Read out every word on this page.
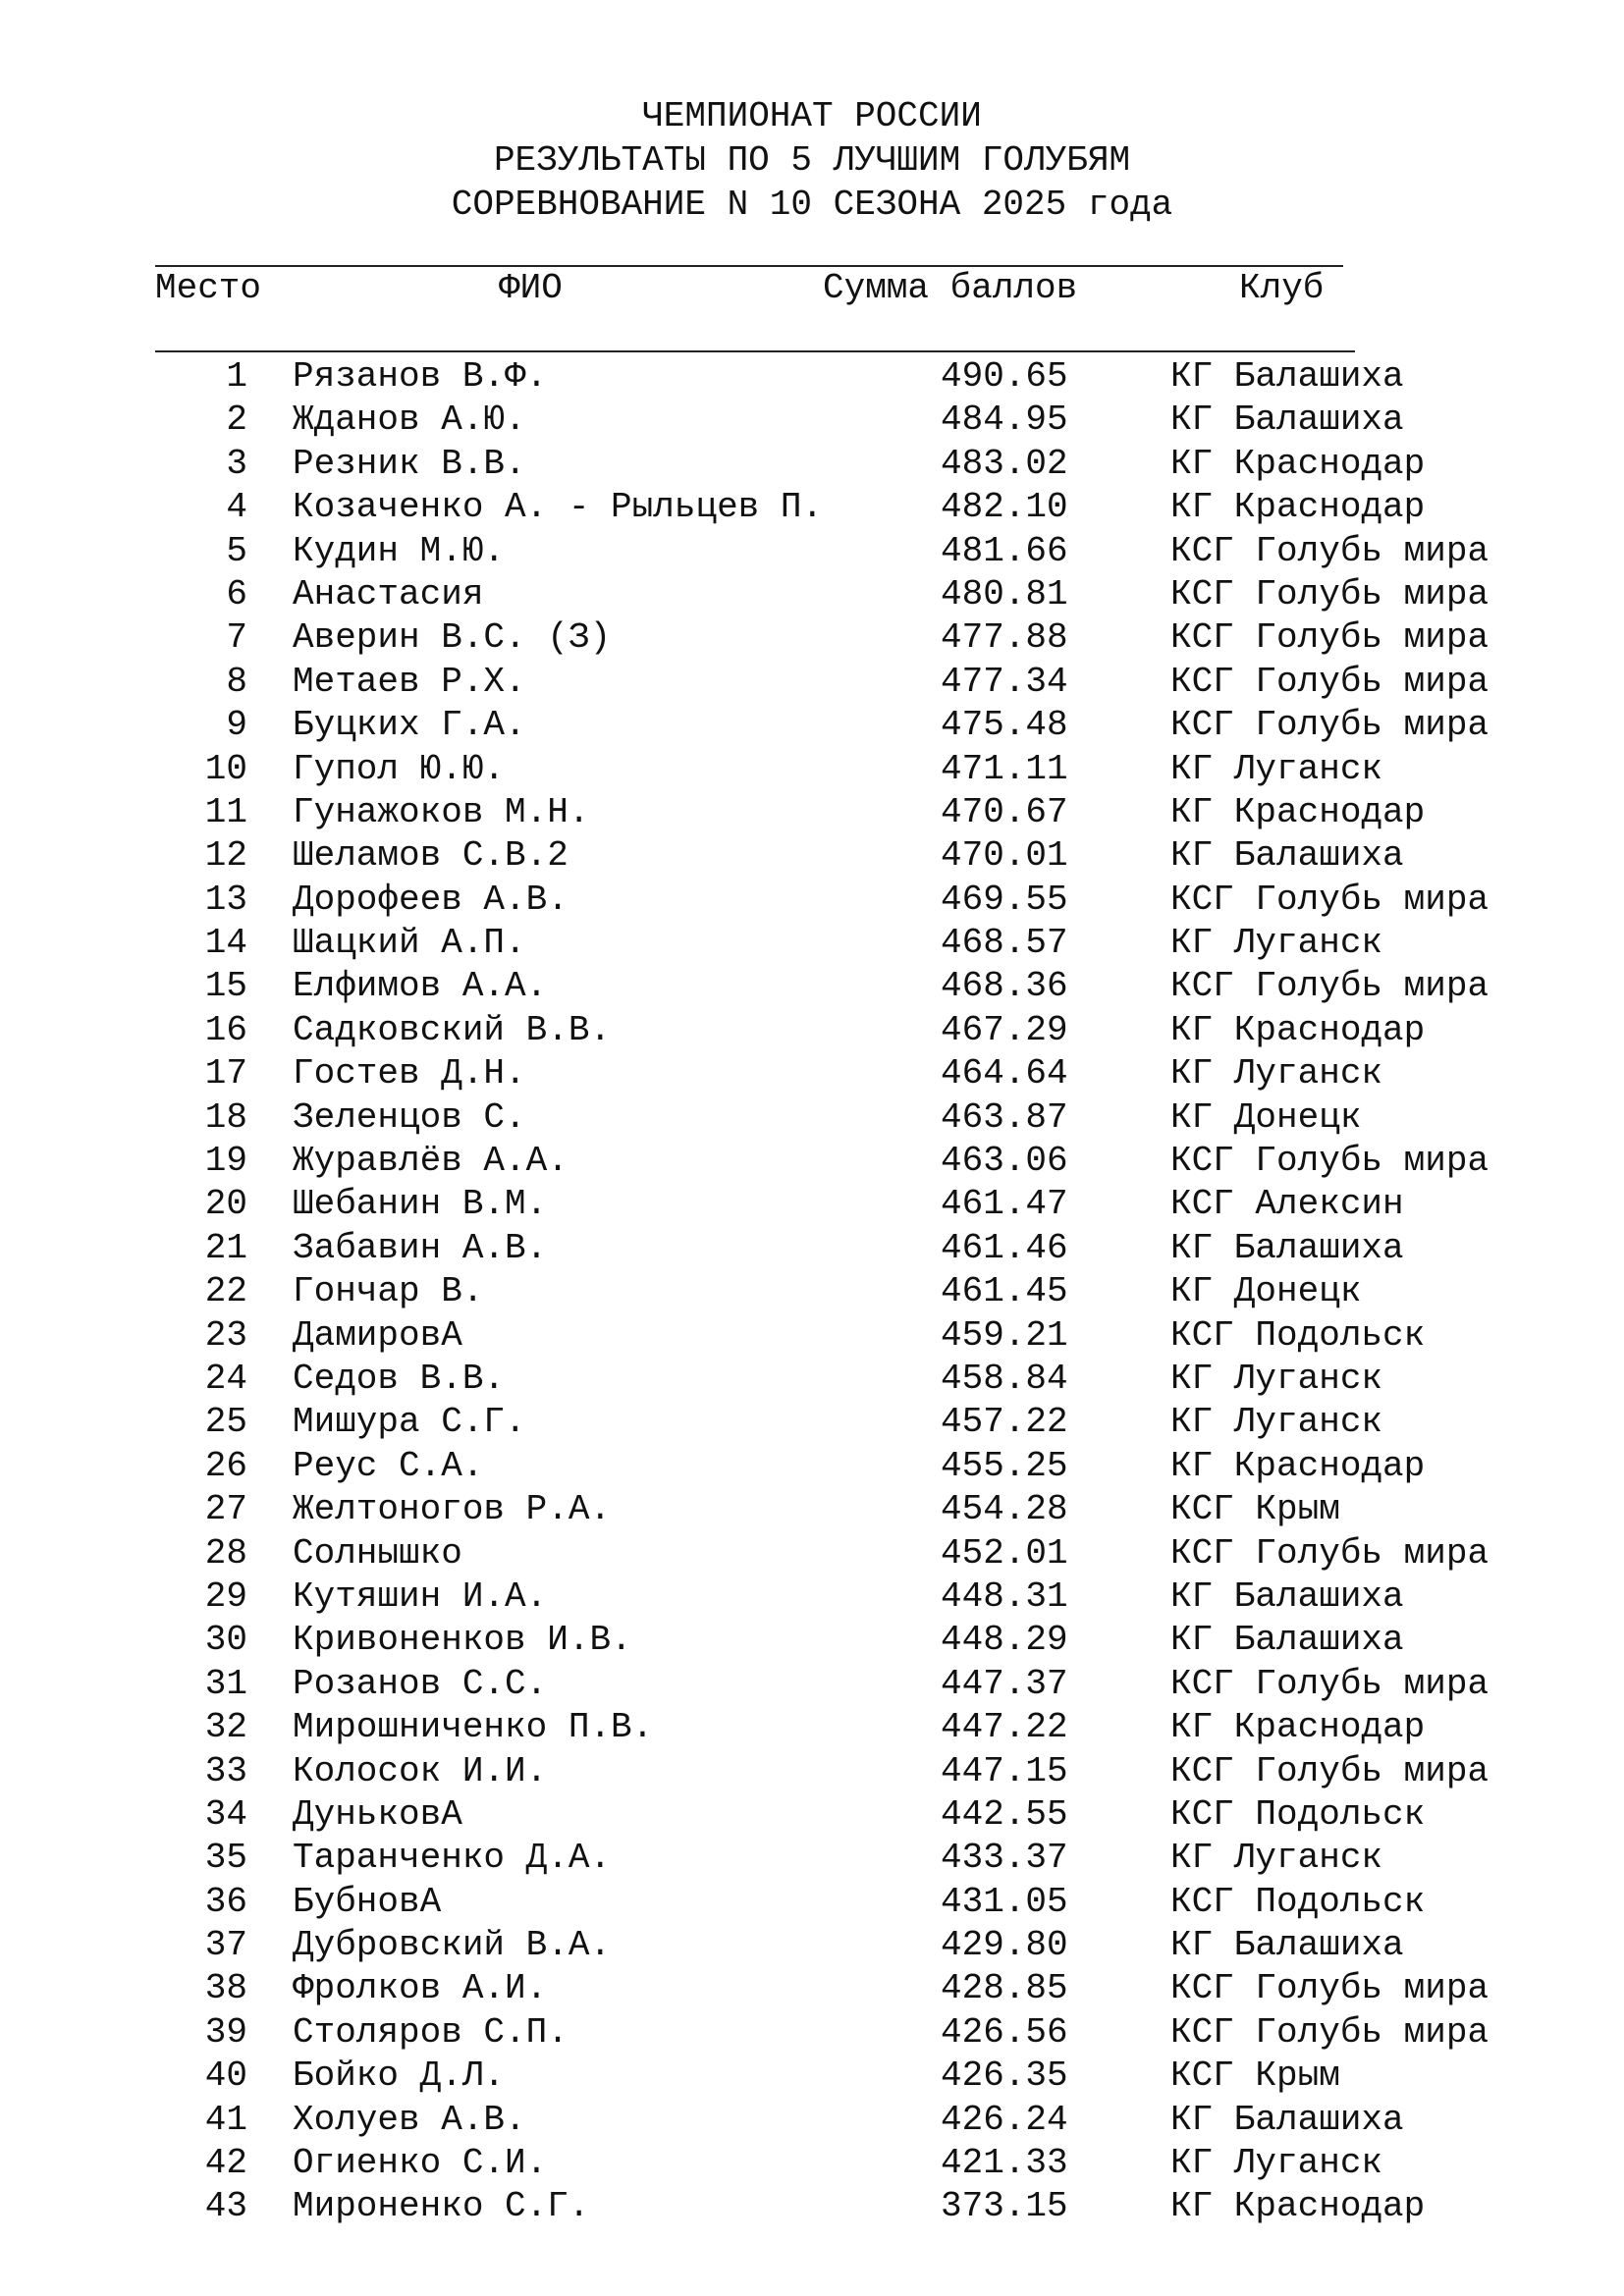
ЧЕМПИОНАТ РОССИИ
РЕЗУЛЬТАТЫ ПО 5 ЛУЧШИМ ГОЛУБЯМ
СОРЕВНОВАНИЕ N 10 СЕЗОНА 2025 года
Место	ФИО	Сумма баллов	Клуб
1 Рязанов В.Ф.	490.65	КГ Балашиха
2 Жданов А.Ю.	484.95	КГ Балашиха
3 Резник В.В.	483.02	КГ Краснодар
4 Козаченко А. - Рыльцев П.	482.10	КГ Краснодар
5 Кудин М.Ю.	481.66	КСГ Голубь мира
6 Анастасия	480.81	КСГ Голубь мира
7 Аверин В.С. (З)	477.88	КСГ Голубь мира
8 Метаев Р.Х.	477.34	КСГ Голубь мира
9 Буцких Г.А.	475.48	КСГ Голубь мира
10 Гупол Ю.Ю.	471.11	КГ Луганск
11 Гунажоков М.Н.	470.67	КГ Краснодар
12 Шеламов С.В.2	470.01	КГ Балашиха
13 Дорофеев А.В.	469.55	КСГ Голубь мира
14 Шацкий А.П.	468.57	КГ Луганск
15 Елфимов А.А.	468.36	КСГ Голубь мира
16 Садковский В.В.	467.29	КГ Краснодар
17 Гостев Д.Н.	464.64	КГ Луганск
18 Зеленцов С.	463.87	КГ Донецк
19 Журавлёв А.А.	463.06	КСГ Голубь мира
20 Шебанин В.М.	461.47	КСГ Алексин
21 Забавин А.В.	461.46	КГ Балашиха
22 Гончар В.	461.45	КГ Донецк
23 ДамировА	459.21	КСГ Подольск
24 Седов В.В.	458.84	КГ Луганск
25 Мишура С.Г.	457.22	КГ Луганск
26 Реус С.А.	455.25	КГ Краснодар
27 Желтоногов Р.А.	454.28	КСГ Крым
28 Солнышко	452.01	КСГ Голубь мира
29 Кутяшин И.А.	448.31	КГ Балашиха
30 Кривоненков И.В.	448.29	КГ Балашиха
31 Розанов С.С.	447.37	КСГ Голубь мира
32 Мирошниченко П.В.	447.22	КГ Краснодар
33 Колосок И.И.	447.15	КСГ Голубь мира
34 ДуньковА	442.55	КСГ Подольск
35 Таранченко Д.А.	433.37	КГ Луганск
36 БубновА	431.05	КСГ Подольск
37 Дубровский В.А.	429.80	КГ Балашиха
38 Фролков А.И.	428.85	КСГ Голубь мира
39 Столяров С.П.	426.56	КСГ Голубь мира
40 Бойко Д.Л.	426.35	КСГ Крым
41 Холуев А.В.	426.24	КГ Балашиха
42 Огиенко С.И.	421.33	КГ Луганск
43 Мироненко С.Г.	373.15	КГ Краснодар
